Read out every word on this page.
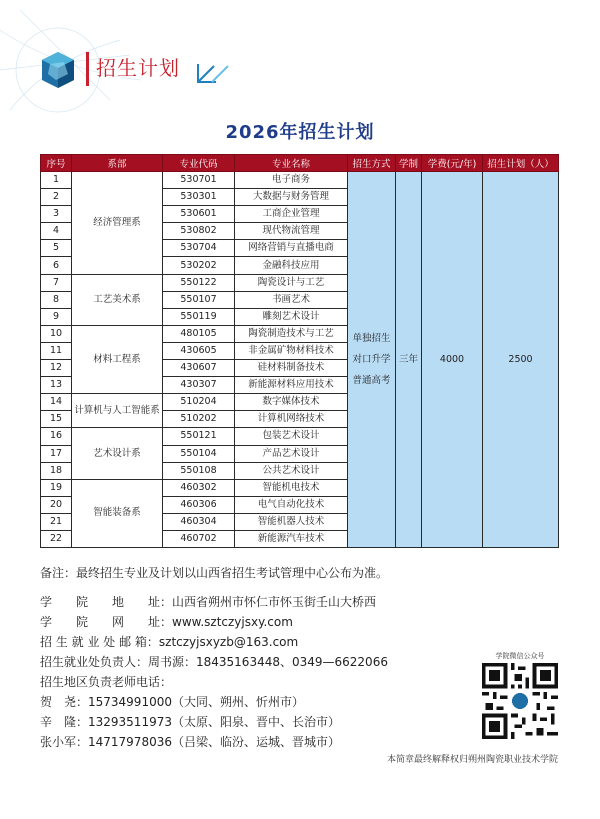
招生计划
2026年招生计划
序号	系部	专业代码	专业名称	招生方式	学制	学费(元/年)	招生计划（人）
1	经济管理系	530701	电子商务	单独招生
对口升学
普通高考	三年	4000	2500
2		530301	大数据与财务管理				
3		530601	工商企业管理				
4		530802	现代物流管理				
5		530704	网络营销与直播电商				
6		530202	金融科技应用				
7	工艺美术系	550122	陶瓷设计与工艺				
8		550107	书画艺术				
9		550119	雕刻艺术设计				
10	材料工程系	480105	陶瓷制造技术与工艺				
11		430605	非金属矿物材料技术				
12		430607	硅材料制备技术				
13		430307	新能源材料应用技术				
14	计算机与人工智能系	510204	数字媒体技术				
15		510202	计算机网络技术				
16	艺术设计系	550121	包装艺术设计				
17		550104	产品艺术设计				
18		550108	公共艺术设计				
19	智能装备系	460302	智能机电技术				
20		460306	电气自动化技术				
21		460304	智能机器人技术				
22		460702	新能源汽车技术				
备注：最终招生专业及计划以山西省招生考试管理中心公布为准。
学　　院　　地　　址：山西省朔州市怀仁市怀玉街壬山大桥西
学　　院　　网　　址：www.sztczyjsxy.com
招 生 就 业 处 邮 箱：sztczyjsxyzb@163.com
招生就业处负责人：周书源：18435163448、0349—6622066
招生地区负责老师电话：
贺　尧：15734991000（大同、朔州、忻州市）
辛　隆：13293511973（太原、阳泉、晋中、长治市）
张小军：14717978036（吕梁、临汾、运城、晋城市）
学院微信公众号
本简章最终解释权归朔州陶瓷职业技术学院
